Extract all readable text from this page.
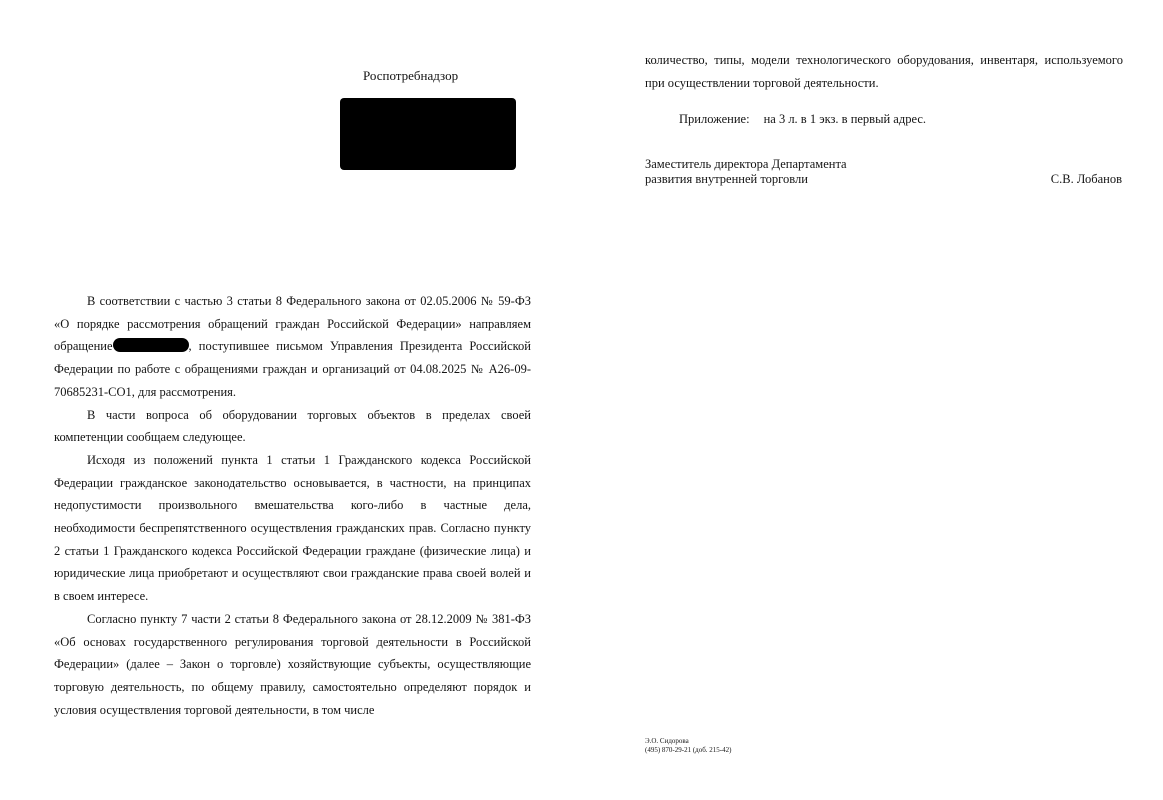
Роспотребнадзор

В соответствии с частью 3 статьи 8 Федерального закона от 02.05.2006 № 59-ФЗ «О порядке рассмотрения обращений граждан Российской Федерации» направляем обращение	, поступившее письмом Управления Президента Российской Федерации по работе с обращениями граждан и организаций от 04.08.2025 № А26-09-70685231-СО1, для рассмотрения.

В части вопроса об оборудовании торговых объектов в пределах своей компетенции сообщаем следующее.

Исходя из положений пункта 1 статьи 1 Гражданского кодекса Российской Федерации гражданское законодательство основывается, в частности, на принципах недопустимости произвольного вмешательства кого-либо в частные дела, необходимости беспрепятственного осуществления гражданских прав. Согласно пункту 2 статьи 1 Гражданского кодекса Российской Федерации граждане (физические лица) и юридические лица приобретают и осуществляют свои гражданские права своей волей и в своем интересе.

Согласно пункту 7 части 2 статьи 8 Федерального закона от 28.12.2009 № 381-ФЗ «Об основах государственного регулирования торговой деятельности в Российской Федерации» (далее – Закон о торговле) хозяйствующие субъекты, осуществляющие торговую деятельность, по общему правилу, самостоятельно определяют порядок и условия осуществления торговой деятельности, в том числе

количество, типы, модели технологического оборудования, инвентаря, используемого при осуществлении торговой деятельности.

Приложение: на 3 л. в 1 экз. в первый адрес.

Заместитель директора Департамента

развития внутренней торговли	С.В. Лобанов

Э.О. Сидорова
(495) 870-29-21 (доб. 215-42)
